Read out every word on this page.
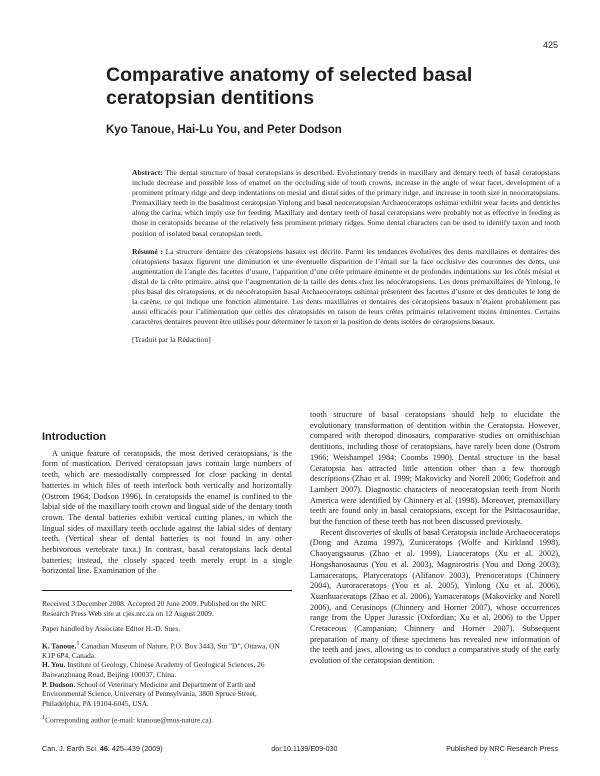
425
Comparative anatomy of selected basal ceratopsian dentitions
Kyo Tanoue, Hai-Lu You, and Peter Dodson

Abstract: The dental structure of basal ceratopsians is described. Evolutionary trends in maxillary and dentary teeth of basal ceratopsians include decrease and possible loss of enamel on the occluding side of tooth crowns, increase in the angle of wear facet, development of a prominent primary ridge and deep indentations on mesial and distal sides of the primary ridge, and increase in tooth size in neoceratopsians. Premaxillary teeth in the basalmost ceratopsian Yinlong and basal neoceratopsian Archaeoceratops oshimai exhibit wear facets and denticles along the carina, which imply use for feeding. Maxillary and dentary teeth of basal ceratopsians were probably not as effective in feeding as those in ceratopsids because of the relatively less prominent primary ridges. Some dental characters can be used to identify taxon and tooth position of isolated basal ceratopsian teeth.

Résumé : La structure dentaire des cératopsiens basaux est décrite. Parmi les tendances évolutives des dents maxillaires et dentaires des cératopsiens basaux figurent une diminution et une éventuelle disparition de l’émail sur la face occlusive des couronnes des dents, une augmentation de l’angle des facettes d’usure, l’apparition d’une crête primaire éminente et de profondes indentations sur les côtés mésial et distal de la crête primaire, ainsi que l’augmentation de la taille des dents chez les néocératopsiens. Les dents prémaxillaires de Yinlong, le plus basal des cératopsiens, et du néocératopsien basal Archaeoceratops oshimai présentent des facettes d’usure et des denticules le long de la carène, ce qui indique une fonction alimentaire. Les dents maxillaires et dentaires des cératopsiens basaux n’étaient probablement pas aussi efficaces pour l’alimentation que celles des cératopsidés en raison de leurs crêtes primaires relativement moins éminentes. Certains caractères dentaires peuvent être utilisés pour déterminer le taxon et la position de dents isolées de cératopsiens basaux.

[Traduit par la Rédaction]

Introduction

A unique feature of ceratopsids, the most derived ceratopsians, is the form of mastication. Derived ceratopsian jaws contain large numbers of teeth, which are mesiodistally compressed for close packing in dental batteries in which files of teeth interlock both vertically and horizontally (Ostrom 1964; Dodson 1996). In ceratopsids the enamel is confined to the labial side of the maxillary tooth crown and lingual side of the dentary tooth crown. The dental batteries exhibit vertical cutting planes, in which the lingual sides of maxillary teeth occlude against the labial sides of dentary teeth. (Vertical shear of dental batteries is not found in any other herbivorous vertebrate taxa.) In contrast, basal ceratopsians lack dental batteries; instead, the closely spaced teeth merely erupt in a single horizontal line. Examination of the

Received 3 December 2008. Accepted 20 June 2009. Published on the NRC Research Press Web site at cjes.nrc.ca on 12 August 2009.

Paper handled by Associate Editor H.-D. Sues.

K. Tanoue.$^1$ Canadian Museum of Nature, P.O. Box 3443, Stn "D", Ottawa, ON K1P 6P4, Canada.

H. You. Institute of Geology, Chinese Academy of Geological Sciences, 26 Baiwanzhuang Road, Beijing 100037, China.

P. Dodson. School of Veterinary Medicine and Department of Earth and Environmental Science, University of Pennsylvania, 3800 Spruce Street, Philadelphia, PA 19104-6045, USA.

$^1$Corresponding author (e-mail: ktanoue@mus-nature.ca).

tooth structure of basal ceratopsians should help to elucidate the evolutionary transformation of dentition within the Ceratopsia. However, compared with theropod dinosaurs, comparative studies on ornithischian dentitions, including those of ceratopsians, have rarely been done (Ostrom 1966; Weishampel 1984; Coombs 1990). Dental structure in the basal Ceratopsia has attracted little attention other than a few thorough descriptions (Zhao et al. 1999; Makovicky and Norell 2006; Godefroit and Lambert 2007). Diagnostic characters of neoceratopsian teeth from North America were identified by Chinnery et al. (1998). Moreover, premaxillary teeth are found only in basal ceratopsians, except for the Psittacosauridae, but the function of these teeth has not been discussed previously.

Recent discoveries of skulls of basal Ceratopsia include Archaeoceratops (Dong and Azuma 1997), Zuniceratops (Wolfe and Kirkland 1998), Chaoyangsaurus (Zhao et al. 1999), Liaoceratops (Xu et al. 2002), Hongshanosaurus (You et al. 2003), Magnirostris (You and Dong 2003), Lamaceratops, Platyceratops (Alifanov 2003), Prenoceratops (Chinnery 2004), Auroraceratops (You et al. 2005), Yinlong (Xu et al. 2006), Xuanhuaceratops (Zhao et al. 2006), Yamaceratops (Makovicky and Norell 2006), and Cerasinops (Chinnery and Horner 2007), whose occurrences range from the Upper Jurassic (Oxfordian; Xu et al. 2006) to the Upper Cretaceous (Campanian; Chinnery and Horner 2007). Subsequent preparation of many of these specimens has revealed new information of the teeth and jaws, allowing us to conduct a comparative study of the early evolution of the ceratopsian dentition.

Can. J. Earth Sci. 46: 425–439 (2009)	doi:10.1139/E09-030	Published by NRC Research Press
